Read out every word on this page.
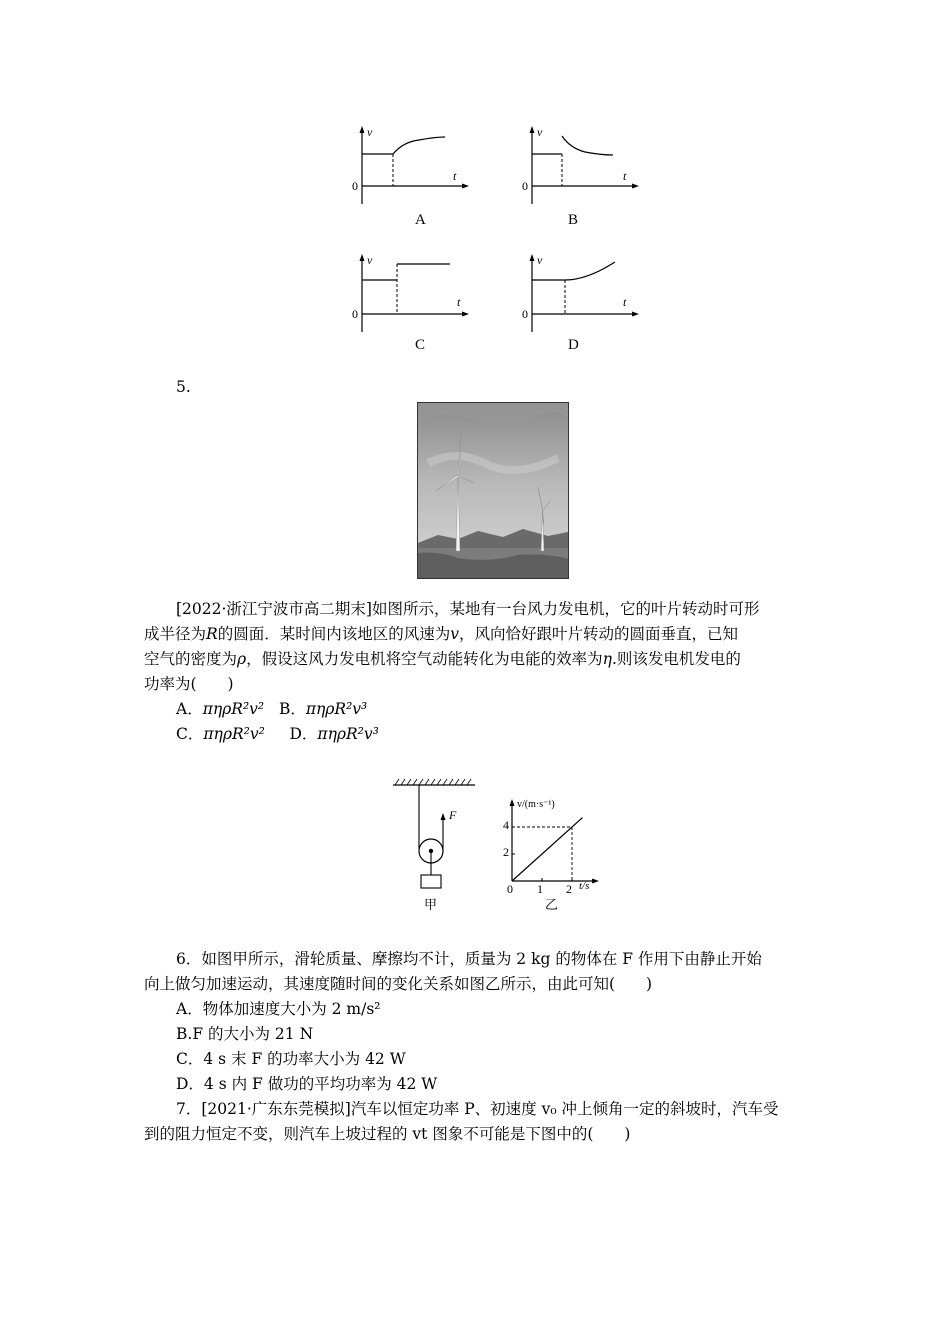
v
t
0
A
v
t
0
B
v
t
0
C
v
t
0
D
5.
[2022·浙江宁波市高二期末]如图所示，某地有一台风力发电机，它的叶片转动时可形
成半径为R的圆面．某时间内该地区的风速为v，风向恰好跟叶片转动的圆面垂直，已知
空气的密度为ρ，假设这风力发电机将空气动能转化为电能的效率为η.则该发电机发电的
功率为(　　)
A．πηρR²v² B．πηρR²v³
C．πηρR²v² D．πηρR²v³
F
甲
v/(m·s⁻¹)
t/s
2
4
0 1 2
乙
6．如图甲所示，滑轮质量、摩擦均不计，质量为 2 kg 的物体在 F 作用下由静止开始
向上做匀加速运动，其速度随时间的变化关系如图乙所示，由此可知(　　)
A．物体加速度大小为 2 m/s²
B.F 的大小为 21 N
C．4 s 末 F 的功率大小为 42 W
D．4 s 内 F 做功的平均功率为 42 W
7．[2021·广东东莞模拟]汽车以恒定功率 P、初速度 v₀ 冲上倾角一定的斜坡时，汽车受
到的阻力恒定不变，则汽车上坡过程的 vt 图象不可能是下图中的(　　)
